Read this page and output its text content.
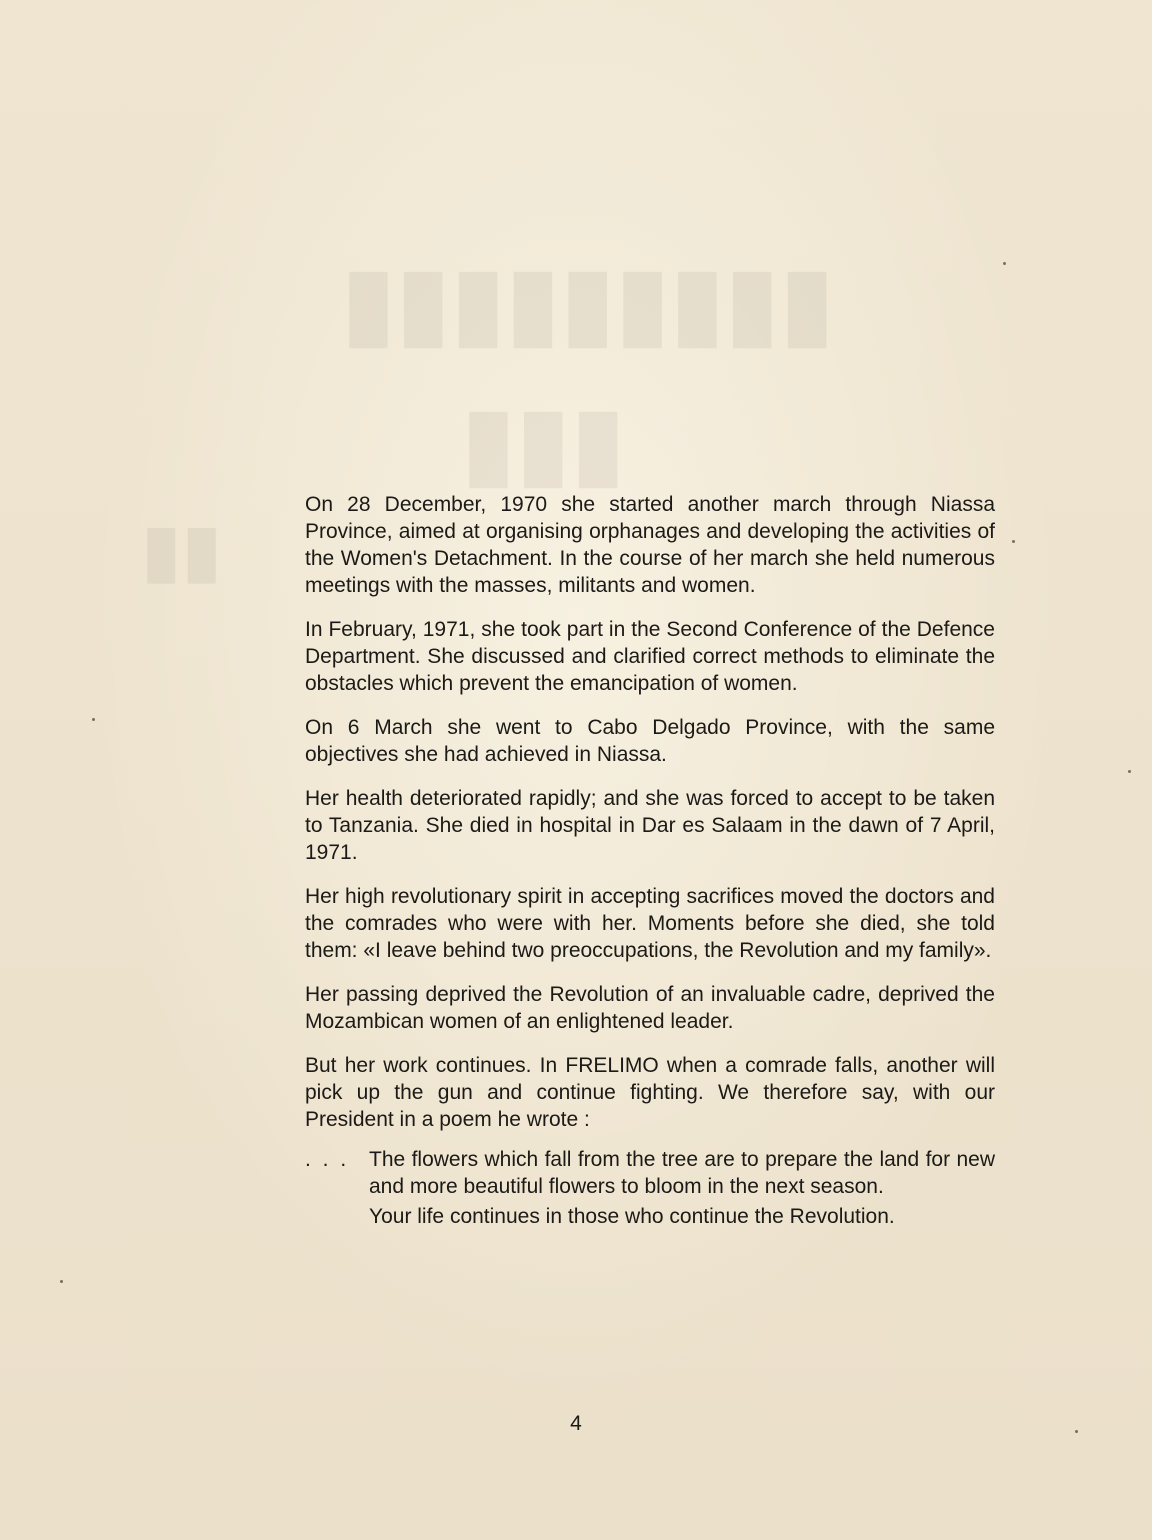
▮▮▮▮▮▮▮▮▮
▮▮▮
▮▮

On 28 December, 1970 she started another march through Niassa Province, aimed at organising orphanages and developing the activities of the Women's Detachment. In the course of her march she held numerous meetings with the masses, militants and women.

In February, 1971, she took part in the Second Conference of the Defence Department. She discussed and clarified correct methods to eliminate the obstacles which prevent the emancipation of women.

On 6 March she went to Cabo Delgado Province, with the same objectives she had achieved in Niassa.

Her health deteriorated rapidly; and she was forced to accept to be taken to Tanzania. She died in hospital in Dar es Salaam in the dawn of 7 April, 1971.

Her high revolutionary spirit in accepting sacrifices moved the doctors and the comrades who were with her. Moments before she died, she told them: «I leave behind two preoccupations, the Revolution and my family».

Her passing deprived the Revolution of an invaluable cadre, deprived the Mozambican women of an enlightened leader.

But her work continues. In FRELIMO when a comrade falls, another will pick up the gun and continue fighting. We therefore say, with our President in a poem he wrote :

. . . The flowers which fall from the tree are to prepare the land for new and more beautiful flowers to bloom in the next season.

Your life continues in those who continue the Revolution.

4
